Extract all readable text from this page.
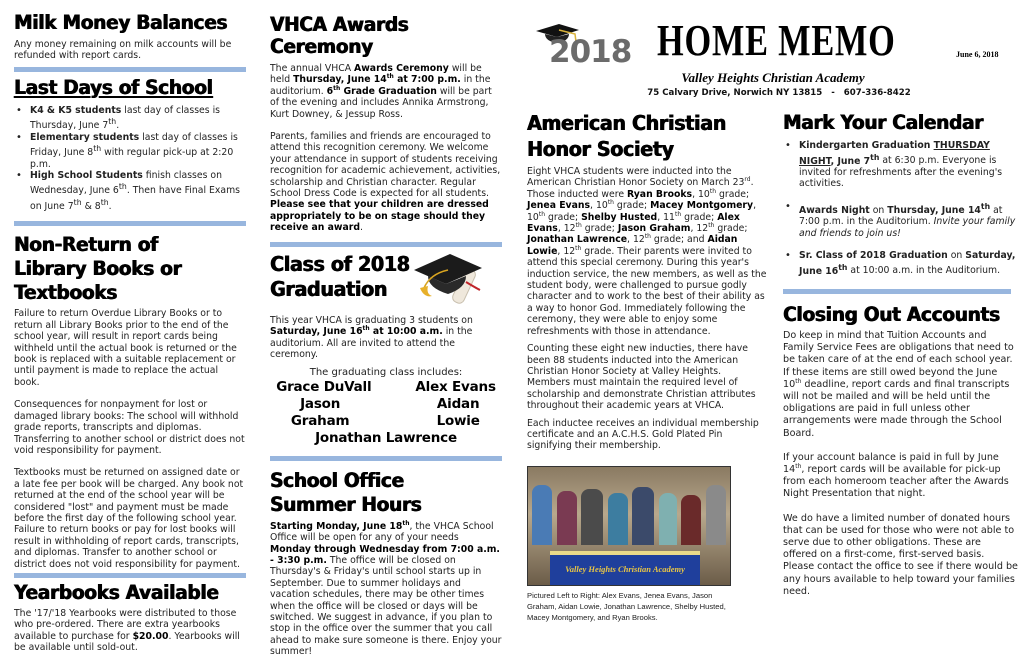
Milk Money Balances
Any money remaining on milk accounts will be refunded with report cards.
Last Days of School
• K4 & K5 students last day of classes is Thursday, June 7th.
• Elementary students last day of classes is Friday, June 8th with regular pick-up at 2:20 p.m.
• High School Students finish classes on Wednesday, June 6th. Then have Final Exams on June 7th & 8th.
Non-Return of Library Books or Textbooks
Failure to return Overdue Library Books or to return all Library Books prior to the end of the school year, will result in report cards being withheld until the actual book is returned or the book is replaced with a suitable replacement or until payment is made to replace the actual book.
Consequences for nonpayment for lost or damaged library books: The school will withhold grade reports, transcripts and diplomas. Transferring to another school or district does not void responsibility for payment.
Textbooks must be returned on assigned date or a late fee per book will be charged. Any book not returned at the end of the school year will be considered "lost" and payment must be made before the first day of the following school year. Failure to return books or pay for lost books will result in withholding of report cards, transcripts, and diplomas. Transfer to another school or district does not void responsibility for payment.
Yearbooks Available
The '17/'18 Yearbooks were distributed to those who pre-ordered. There are extra yearbooks available to purchase for $20.00. Yearbooks will be available until sold-out.
VHCA Awards Ceremony
The annual VHCA Awards Ceremony will be held Thursday, June 14th at 7:00 p.m. in the auditorium. 6th Grade Graduation will be part of the evening and includes Annika Armstrong, Kurt Downey, & Jessup Ross.
Parents, families and friends are encouraged to attend this recognition ceremony. We welcome your attendance in support of students receiving recognition for academic achievement, activities, scholarship and Christian character. Regular School Dress Code is expected for all students. Please see that your children are dressed appropriately to be on stage should they receive an award.
Class of 2018
Graduation
This year VHCA is graduating 3 students on Saturday, June 16th at 10:00 a.m. in the auditorium. All are invited to attend the ceremony.
The graduating class includes:
Grace DuVall	Alex Evans
Jason Graham
Aidan Lowie
Jonathan Lawrence
School Office Summer Hours
Starting Monday, June 18th, the VHCA School Office will be open for any of your needs Monday through Wednesday from 7:00 a.m. - 3:30 p.m. The office will be closed on Thursday's & Friday's until school starts up in September. Due to summer holidays and vacation schedules, there may be other times when the office will be closed or days will be switched. We suggest in advance, if you plan to stop in the office over the summer that you call ahead to make sure someone is there. Enjoy your summer!
2018 HOME MEMO	June 6, 2018
Valley Heights Christian Academy
75 Calvary Drive, Norwich NY 13815 - 607-336-8422
American Christian Honor Society
Eight VHCA students were inducted into the American Christian Honor Society on March 23rd. Those inducted were Ryan Brooks, 10th grade; Jenea Evans, 10th grade; Macey Montgomery, 10th grade; Shelby Husted, 11th grade; Alex Evans, 12th grade; Jason Graham, 12th grade; Jonathan Lawrence, 12th grade; and Aidan Lowie, 12th grade. Their parents were invited to attend this special ceremony. During this year's induction service, the new members, as well as the student body, were challenged to pursue godly character and to work to the best of their ability as a way to honor God. Immediately following the ceremony, they were able to enjoy some refreshments with those in attendance.
Counting these eight new inducties, there have been 88 students inducted into the American Christian Honor Society at Valley Heights. Members must maintain the required level of scholarship and demonstrate Christian attributes throughout their academic years at VHCA.
Each inductee receives an individual membership certificate and an A.C.H.S. Gold Plated Pin signifying their membership.
Valley Heights Christian Academy
Pictured Left to Right: Alex Evans, Jenea Evans, Jason Graham, Aidan Lowie, Jonathan Lawrence, Shelby Husted, Macey Montgomery, and Ryan Brooks.
Mark Your Calendar
• Kindergarten Graduation THURSDAY NIGHT, June 7th at 6:30 p.m. Everyone is invited for refreshments after the evening's activities.
• Awards Night on Thursday, June 14th at 7:00 p.m. in the Auditorium. Invite your family and friends to join us!
• Sr. Class of 2018 Graduation on Saturday, June 16th at 10:00 a.m. in the Auditorium.
Closing Out Accounts
Do keep in mind that Tuition Accounts and Family Service Fees are obligations that need to be taken care of at the end of each school year. If these items are still owed beyond the June 10th deadline, report cards and final transcripts will not be mailed and will be held until the obligations are paid in full unless other arrangements were made through the School Board.
If your account balance is paid in full by June 14th, report cards will be available for pick-up from each homeroom teacher after the Awards Night Presentation that night.
We do have a limited number of donated hours that can be used for those who were not able to serve due to other obligations. These are offered on a first-come, first-served basis. Please contact the office to see if there would be any hours available to help toward your families need.
